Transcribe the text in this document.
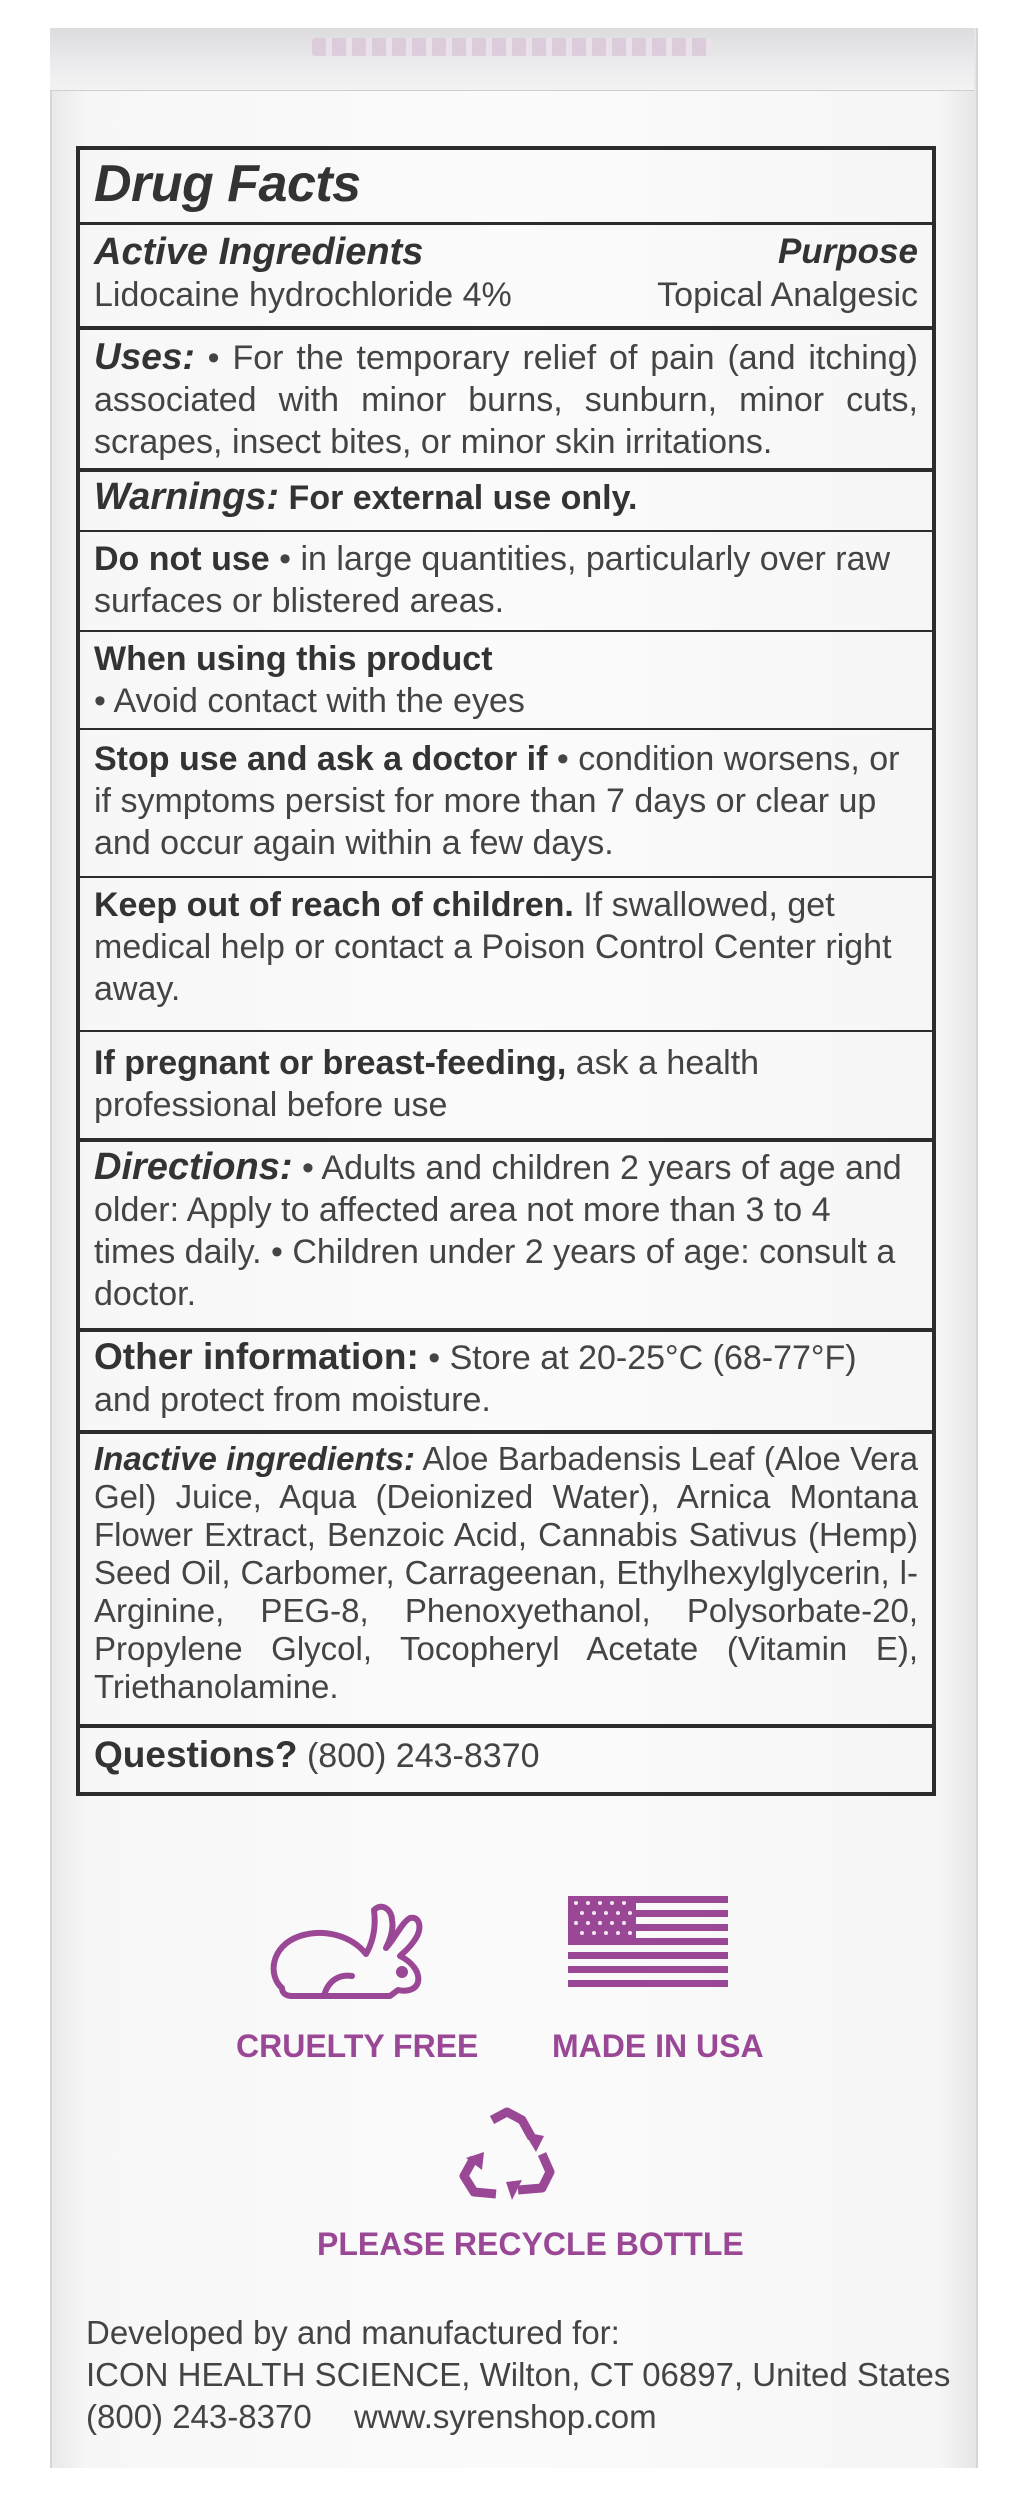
Drug Facts
Active Ingredients	Purpose
Lidocaine hydrochloride 4%	Topical Analgesic
Uses: • For the temporary relief of pain (and itching) associated with minor burns, sunburn, minor cuts, scrapes, insect bites, or minor skin irritations.
Warnings: For external use only.
Do not use • in large quantities, particularly over raw surfaces or blistered areas.
When using this product
• Avoid contact with the eyes
Stop use and ask a doctor if • condition worsens, or if symptoms persist for more than 7 days or clear up and occur again within a few days.
Keep out of reach of children. If swallowed, get medical help or contact a Poison Control Center right away.
If pregnant or breast-feeding, ask a health professional before use
Directions: • Adults and children 2 years of age and older: Apply to affected area not more than 3 to 4 times daily. • Children under 2 years of age: consult a doctor.
Other information: • Store at 20-25°C (68-77°F) and protect from moisture.
Inactive ingredients: Aloe Barbadensis Leaf (Aloe Vera Gel) Juice, Aqua (Deionized Water), Arnica Montana Flower Extract, Benzoic Acid, Cannabis Sativus (Hemp) Seed Oil, Carbomer, Carrageenan, Ethylhexylglycerin, l-Arginine, PEG-8, Phenoxyethanol, Polysorbate-20, Propylene Glycol, Tocopheryl Acetate (Vitamin E), Triethanolamine.
Questions? (800) 243-8370
CRUELTY FREE MADE IN USA
PLEASE RECYCLE BOTTLE
Developed by and manufactured for:
ICON HEALTH SCIENCE, Wilton, CT 06897, United States
(800) 243-8370 www.syrenshop.com
